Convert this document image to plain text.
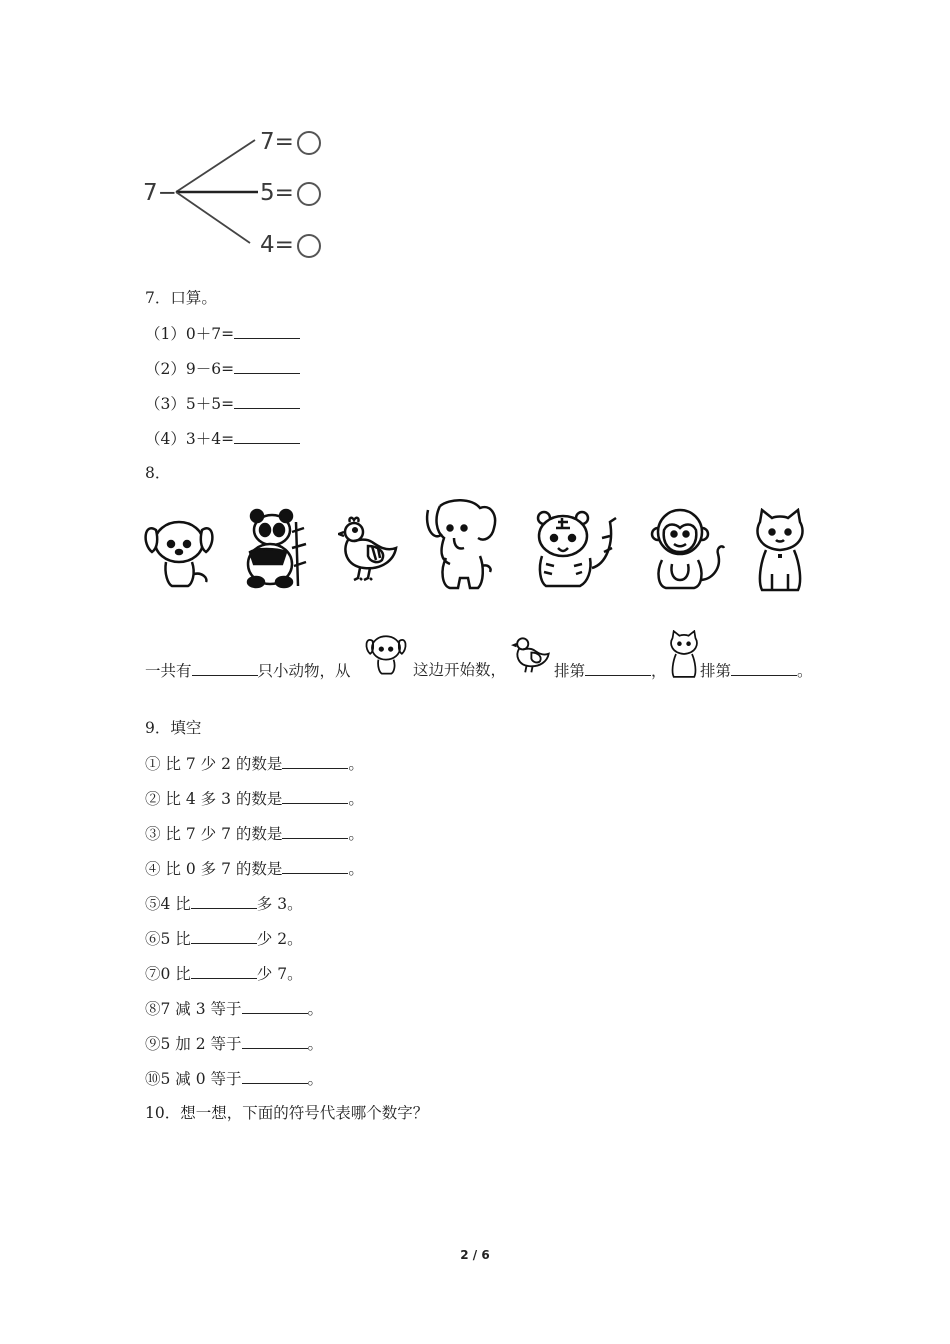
7−
7=
5=
4=
7．口算。
（1）0＋7=
（2）9－6=
（3）5＋5=
（4）3＋4=
8．
一共有	只小动物，从	这边开始数，	排第	， 排第	。
9．填空
① 比 7 少 2 的数是	。
② 比 4 多 3 的数是	。
③ 比 7 少 7 的数是	。
④ 比 0 多 7 的数是	。
⑤4 比	多 3。
⑥5 比	少 2。
⑦0 比	少 7。
⑧7 减 3 等于	。
⑨5 加 2 等于	。
⑩5 减 0 等于	。
10．想一想，下面的符号代表哪个数字？
2 / 6
